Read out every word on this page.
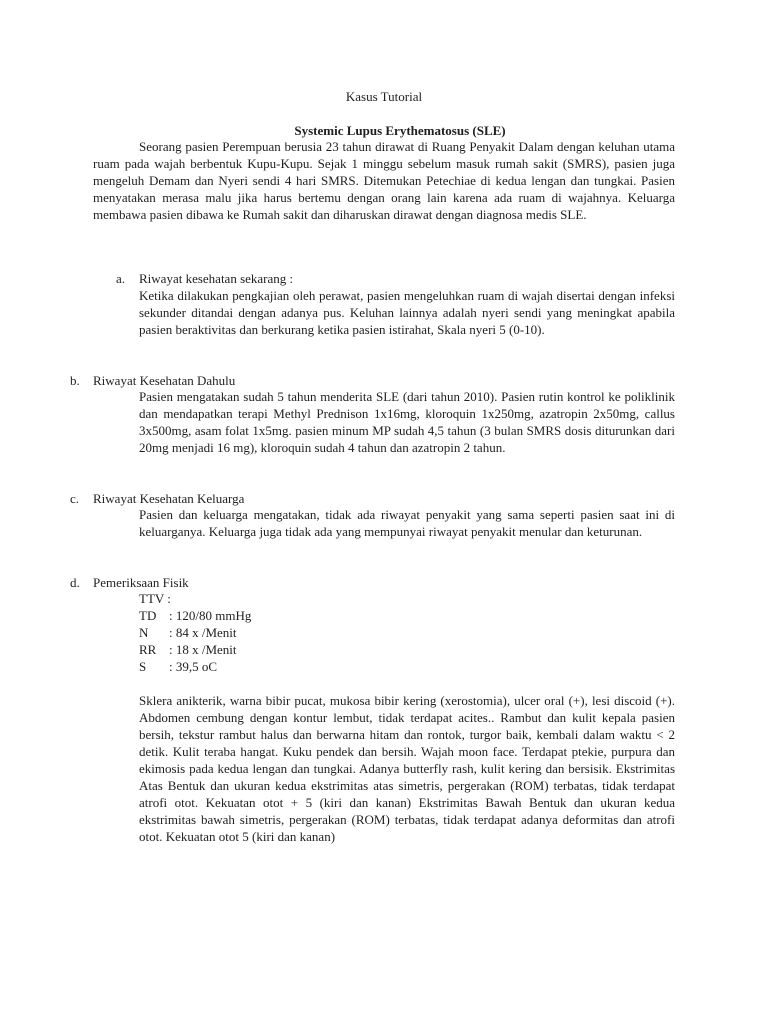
Kasus Tutorial
Systemic Lupus Erythematosus (SLE)
Seorang pasien Perempuan berusia 23 tahun dirawat di Ruang Penyakit Dalam dengan keluhan utama ruam pada wajah berbentuk Kupu-Kupu. Sejak 1 minggu sebelum masuk rumah sakit (SMRS), pasien juga mengeluh Demam dan Nyeri sendi 4 hari SMRS. Ditemukan Petechiae di kedua lengan dan tungkai. Pasien menyatakan merasa malu jika harus bertemu dengan orang lain karena ada ruam di wajahnya. Keluarga membawa pasien dibawa ke Rumah sakit dan diharuskan dirawat dengan diagnosa medis SLE.
a.	Riwayat kesehatan sekarang :
Ketika dilakukan pengkajian oleh perawat, pasien mengeluhkan ruam di wajah disertai dengan infeksi sekunder ditandai dengan adanya pus. Keluhan lainnya adalah nyeri sendi yang meningkat apabila pasien beraktivitas dan berkurang ketika pasien istirahat, Skala nyeri 5 (0-10).
b.	Riwayat Kesehatan Dahulu
Pasien mengatakan sudah 5 tahun menderita SLE (dari tahun 2010). Pasien rutin kontrol ke poliklinik dan mendapatkan terapi Methyl Prednison 1x16mg, kloroquin 1x250mg, azatropin 2x50mg, callus 3x500mg, asam folat 1x5mg. pasien minum MP sudah 4,5 tahun (3 bulan SMRS dosis diturunkan dari 20mg menjadi 16 mg), kloroquin sudah 4 tahun dan azatropin 2 tahun.
c.	Riwayat Kesehatan Keluarga
Pasien dan keluarga mengatakan, tidak ada riwayat penyakit yang sama seperti pasien saat ini di keluarganya. Keluarga juga tidak ada yang mempunyai riwayat penyakit menular dan keturunan.
d.	Pemeriksaan Fisik
TTV :
TD : 120/80 mmHg
N	: 84 x /Menit
RR : 18 x /Menit
S	: 39,5 oC
Sklera anikterik, warna bibir pucat, mukosa bibir kering (xerostomia), ulcer oral (+), lesi discoid (+). Abdomen cembung dengan kontur lembut, tidak terdapat acites.. Rambut dan kulit kepala pasien bersih, tekstur rambut halus dan berwarna hitam dan rontok, turgor baik, kembali dalam waktu < 2 detik. Kulit teraba hangat. Kuku pendek dan bersih. Wajah moon face. Terdapat ptekie, purpura dan ekimosis pada kedua lengan dan tungkai. Adanya butterfly rash, kulit kering dan bersisik. Ekstrimitas Atas Bentuk dan ukuran kedua ekstrimitas atas simetris, pergerakan (ROM) terbatas, tidak terdapat atrofi otot. Kekuatan otot + 5 (kiri dan kanan) Ekstrimitas Bawah Bentuk dan ukuran kedua ekstrimitas bawah simetris, pergerakan (ROM) terbatas, tidak terdapat adanya deformitas dan atrofi otot. Kekuatan otot 5 (kiri dan kanan)
